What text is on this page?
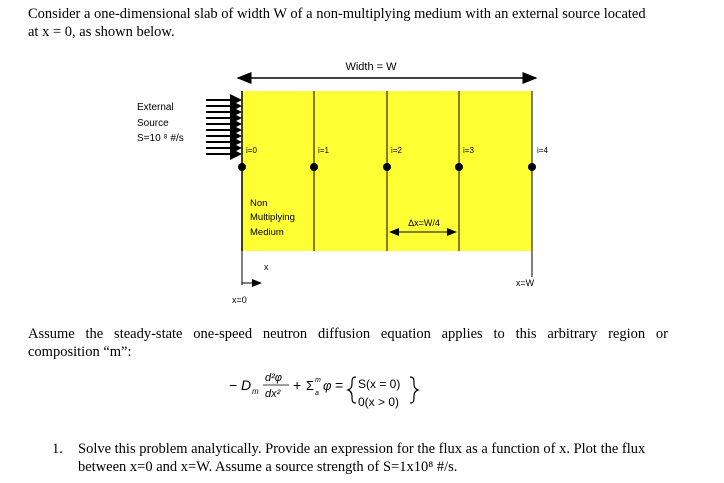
Consider a one-dimensional slab of width W of a non-multiplying medium with an external source located

at x = 0, as shown below.

Width = W
i=0	i=1	i=2	i=3	i=4
External
Source
S=10 ⁸ #/s
Non
Multiplying
Medium
Δx=W/4
x
x=0
x=W

Assume the steady-state one-speed neutron diffusion equation applies to this arbitrary region or

composition “m”:

− D m
d²φ
dx²
+ Σ m
a
φ = S(x = 0)
0(x > 0)
1. Solve this problem analytically. Provide an expression for the flux as a function of x. Plot the flux
between x=0 and x=W. Assume a source strength of S=1x10⁸ #/s.
